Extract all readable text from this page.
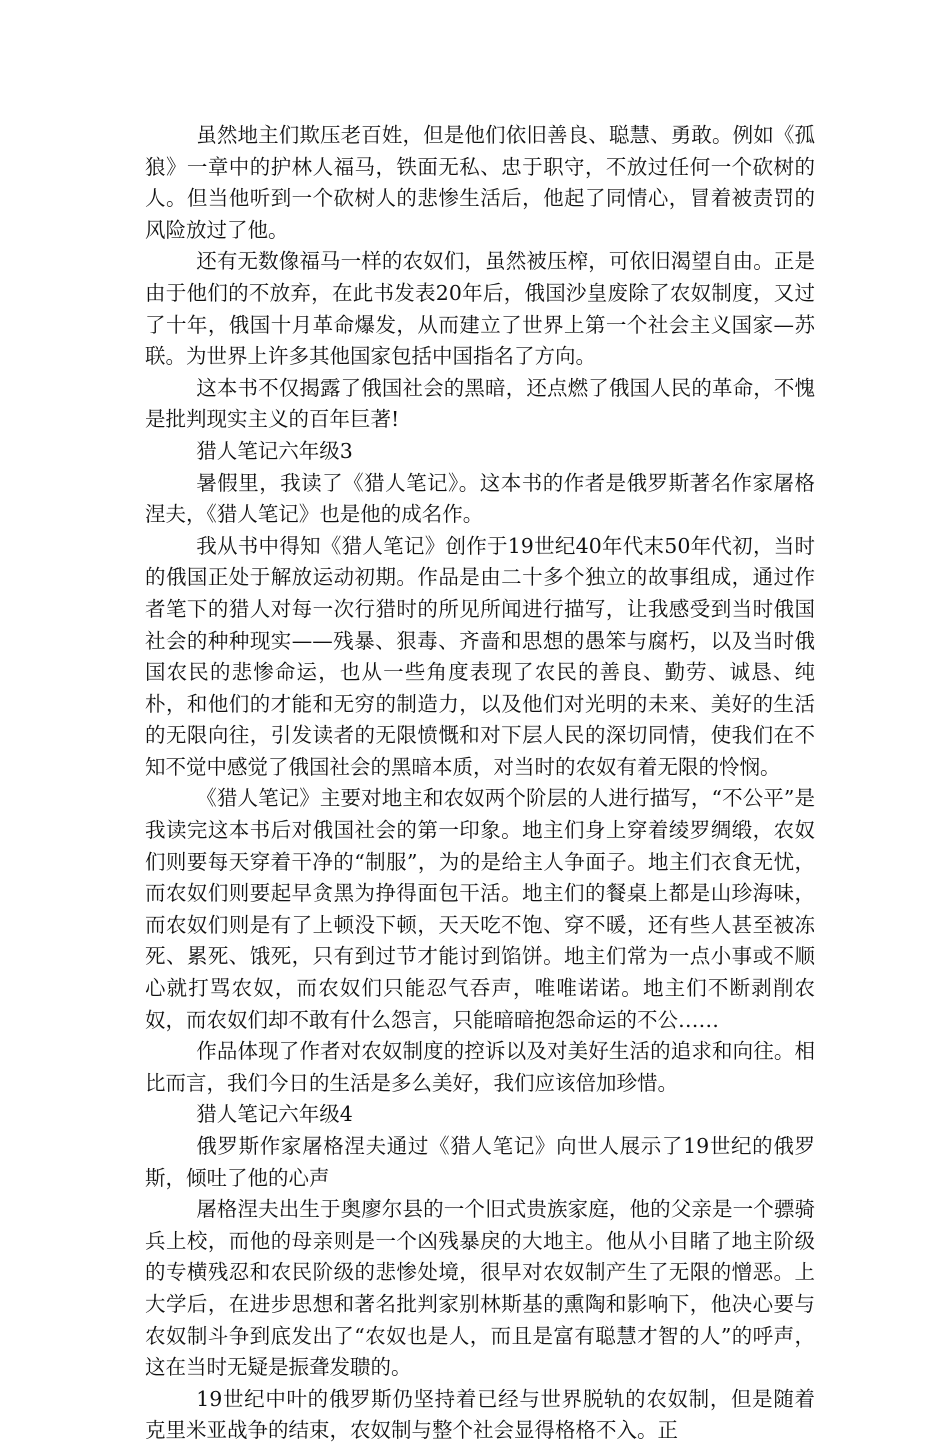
虽然地主们欺压老百姓，但是他们依旧善良、聪慧、勇敢。例如《孤狼》一章中的护林人福马，铁面无私、忠于职守，不放过任何一个砍树的人。但当他听到一个砍树人的悲惨生活后，他起了同情心，冒着被责罚的风险放过了他。

还有无数像福马一样的农奴们，虽然被压榨，可依旧渴望自由。正是由于他们的不放弃，在此书发表20年后，俄国沙皇废除了农奴制度，又过了十年，俄国十月革命爆发，从而建立了世界上第一个社会主义国家—苏联。为世界上许多其他国家包括中国指名了方向。

这本书不仅揭露了俄国社会的黑暗，还点燃了俄国人民的革命，不愧是批判现实主义的百年巨著!

猎人笔记六年级3

暑假里，我读了《猎人笔记》。这本书的作者是俄罗斯著名作家屠格涅夫，《猎人笔记》也是他的成名作。

我从书中得知《猎人笔记》创作于19世纪40年代末50年代初，当时的俄国正处于解放运动初期。作品是由二十多个独立的故事组成，通过作者笔下的猎人对每一次行猎时的所见所闻进行描写，让我感受到当时俄国社会的种种现实——残暴、狠毒、齐啬和思想的愚笨与腐朽，以及当时俄国农民的悲惨命运，也从一些角度表现了农民的善良、勤劳、诚恳、纯朴，和他们的才能和无穷的制造力，以及他们对光明的未来、美好的生活的无限向往，引发读者的无限愤慨和对下层人民的深切同情，使我们在不知不觉中感觉了俄国社会的黑暗本质，对当时的农奴有着无限的怜悯。

《猎人笔记》主要对地主和农奴两个阶层的人进行描写，“不公平”是我读完这本书后对俄国社会的第一印象。地主们身上穿着绫罗绸缎，农奴们则要每天穿着干净的“制服”，为的是给主人争面子。地主们衣食无忧，而农奴们则要起早贪黑为挣得面包干活。地主们的餐桌上都是山珍海味，而农奴们则是有了上顿没下顿，天天吃不饱、穿不暖，还有些人甚至被冻死、累死、饿死，只有到过节才能讨到馅饼。地主们常为一点小事或不顺心就打骂农奴，而农奴们只能忍气吞声，唯唯诺诺。地主们不断剥削农奴，而农奴们却不敢有什么怨言，只能暗暗抱怨命运的不公……

作品体现了作者对农奴制度的控诉以及对美好生活的追求和向往。相比而言，我们今日的生活是多么美好，我们应该倍加珍惜。

猎人笔记六年级4

俄罗斯作家屠格涅夫通过《猎人笔记》向世人展示了19世纪的俄罗斯，倾吐了他的心声

屠格涅夫出生于奥廖尔县的一个旧式贵族家庭，他的父亲是一个骠骑兵上校，而他的母亲则是一个凶残暴戾的大地主。他从小目睹了地主阶级的专横残忍和农民阶级的悲惨处境，很早对农奴制产生了无限的憎恶。上大学后，在进步思想和著名批判家别林斯基的熏陶和影响下，他决心要与农奴制斗争到底发出了“农奴也是人，而且是富有聪慧才智的人”的呼声，这在当时无疑是振聋发聩的。

19世纪中叶的俄罗斯仍坚持着已经与世界脱轨的农奴制，但是随着克里米亚战争的结束，农奴制与整个社会显得格格不入。正
